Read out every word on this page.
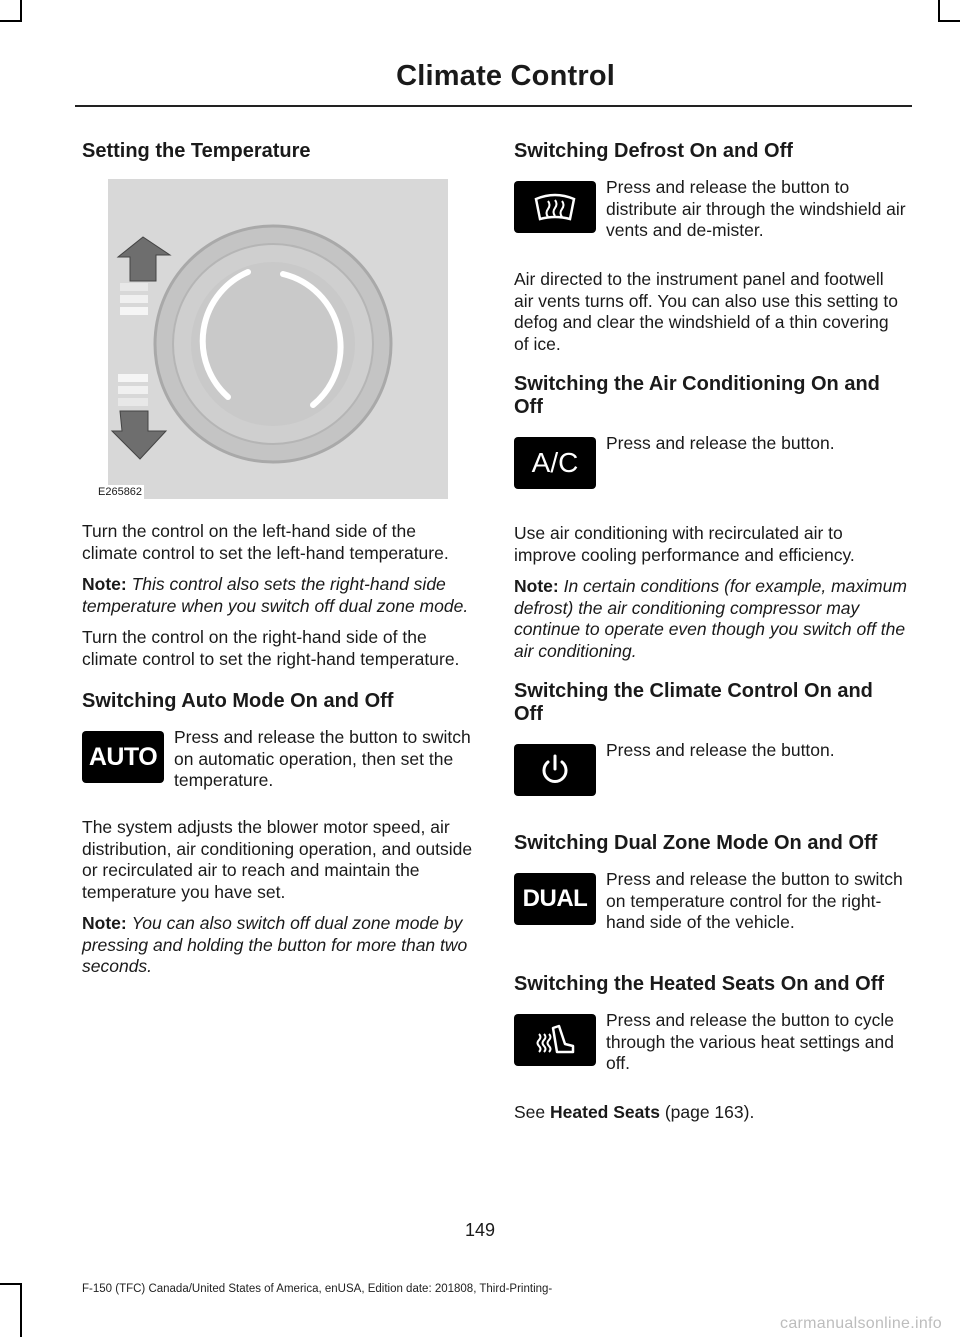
Climate Control
Setting the Temperature
E265862

Turn the control on the left-hand side of the climate control to set the left-hand temperature.

Note: This control also sets the right-hand side temperature when you switch off dual zone mode.

Turn the control on the right-hand side of the climate control to set the right-hand temperature.

Switching Auto Mode On and Off
AUTO

Press and release the button to switch on automatic operation, then set the temperature.

The system adjusts the blower motor speed, air distribution, air conditioning operation, and outside or recirculated air to reach and maintain the temperature you have set.

Note: You can also switch off dual zone mode by pressing and holding the button for more than two seconds.

Switching Defrost On and Off

Press and release the button to distribute air through the windshield air vents and de-mister.

Air directed to the instrument panel and footwell air vents turns off. You can also use this setting to defog and clear the windshield of a thin covering of ice.

Switching the Air Conditioning On and Off
A/C

Press and release the button.

Use air conditioning with recirculated air to improve cooling performance and efficiency.

Note: In certain conditions (for example, maximum defrost) the air conditioning compressor may continue to operate even though you switch off the air conditioning.

Switching the Climate Control On and Off

Press and release the button.

Switching Dual Zone Mode On and Off
DUAL

Press and release the button to switch on temperature control for the right-hand side of the vehicle.

Switching the Heated Seats On and Off

Press and release the button to cycle through the various heat settings and off.

See Heated Seats (page 163).

149
F-150 (TFC) Canada/United States of America, enUSA, Edition date: 201808, Third-Printing-
carmanualsonline.info
